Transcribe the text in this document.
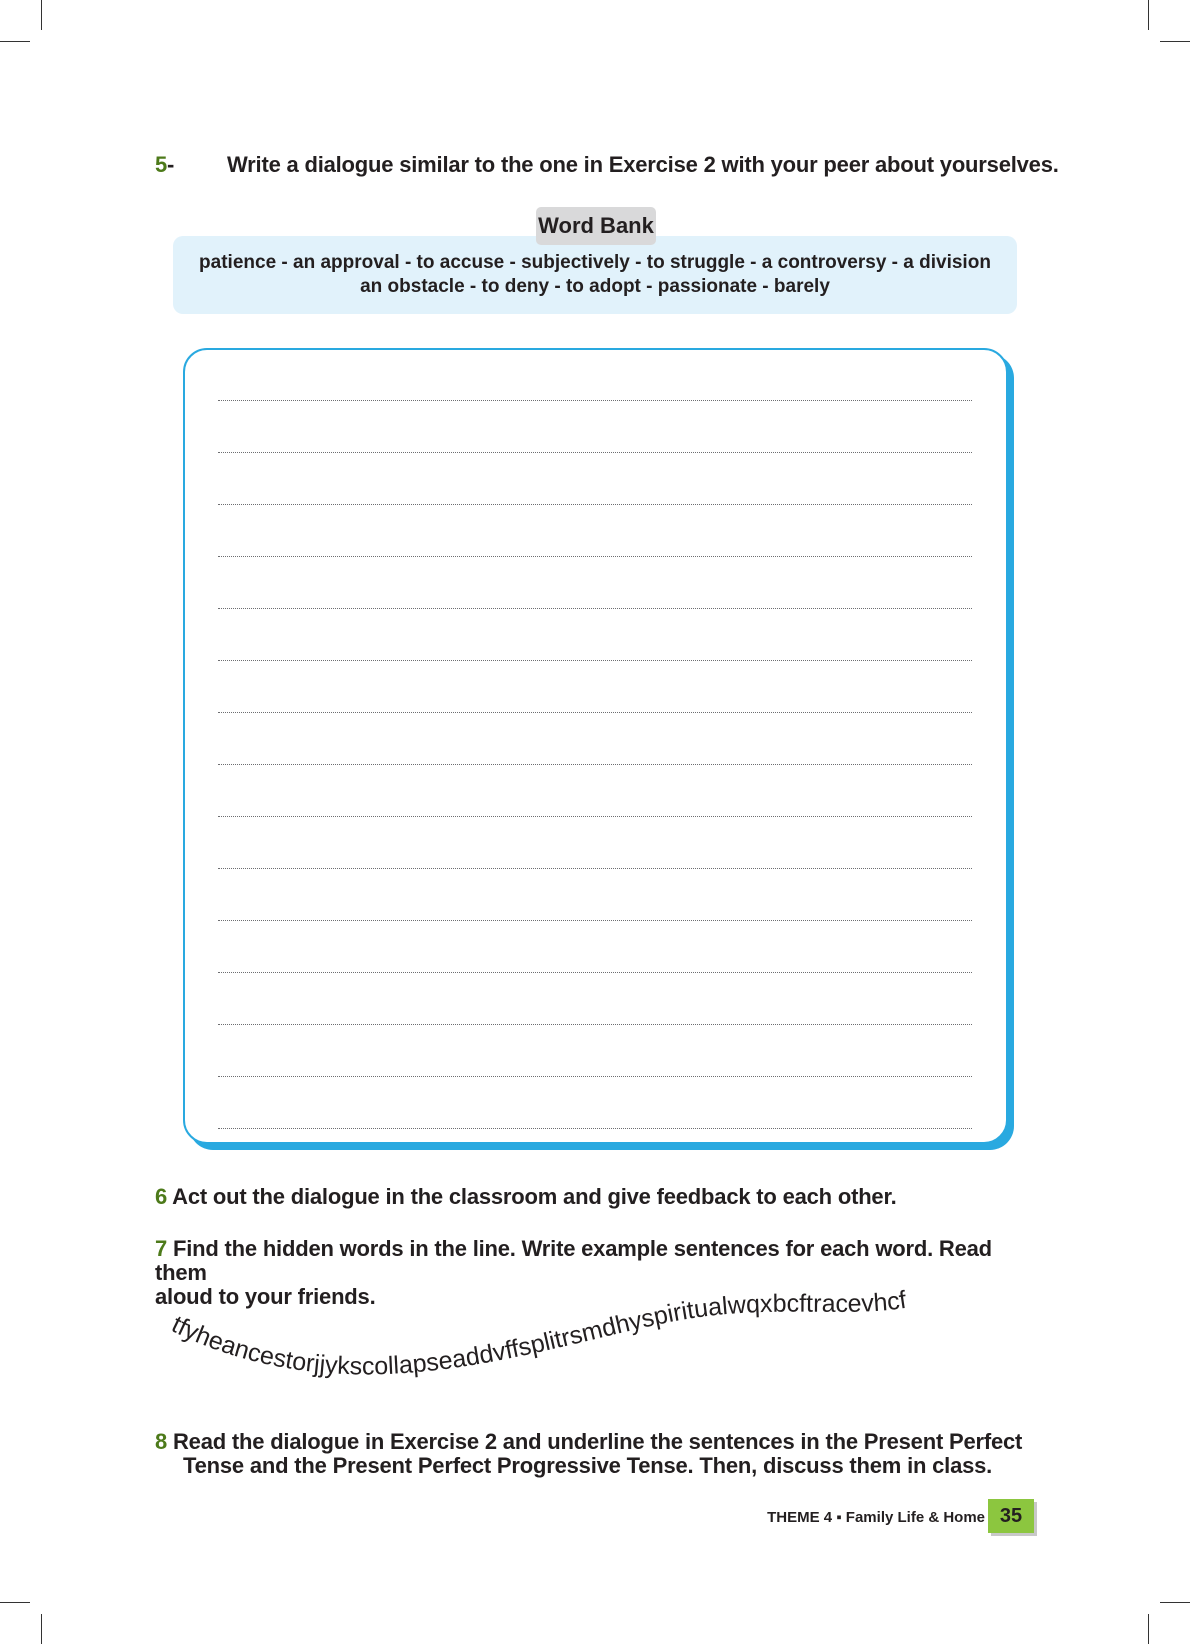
5- Write a dialogue similar to the one in Exercise 2 with your peer about yourselves.
patience - an approval - to accuse - subjectively - to struggle - a controversy - a division
an obstacle - to deny - to adopt - passionate - barely
Word Bank
6 Act out the dialogue in the classroom and give feedback to each other.
7 Find the hidden words in the line. Write example sentences for each word. Read them
aloud to your friends.
tfyheancestorjjykscollapseaddvffsplitrsmdhyspiritualwqxbcftracevhcf
8 Read the dialogue in Exercise 2 and underline the sentences in the Present Perfect
Tense and the Present Perfect Progressive Tense. Then, discuss them in class.
THEME 4 ▪ Family Life & Home 35
